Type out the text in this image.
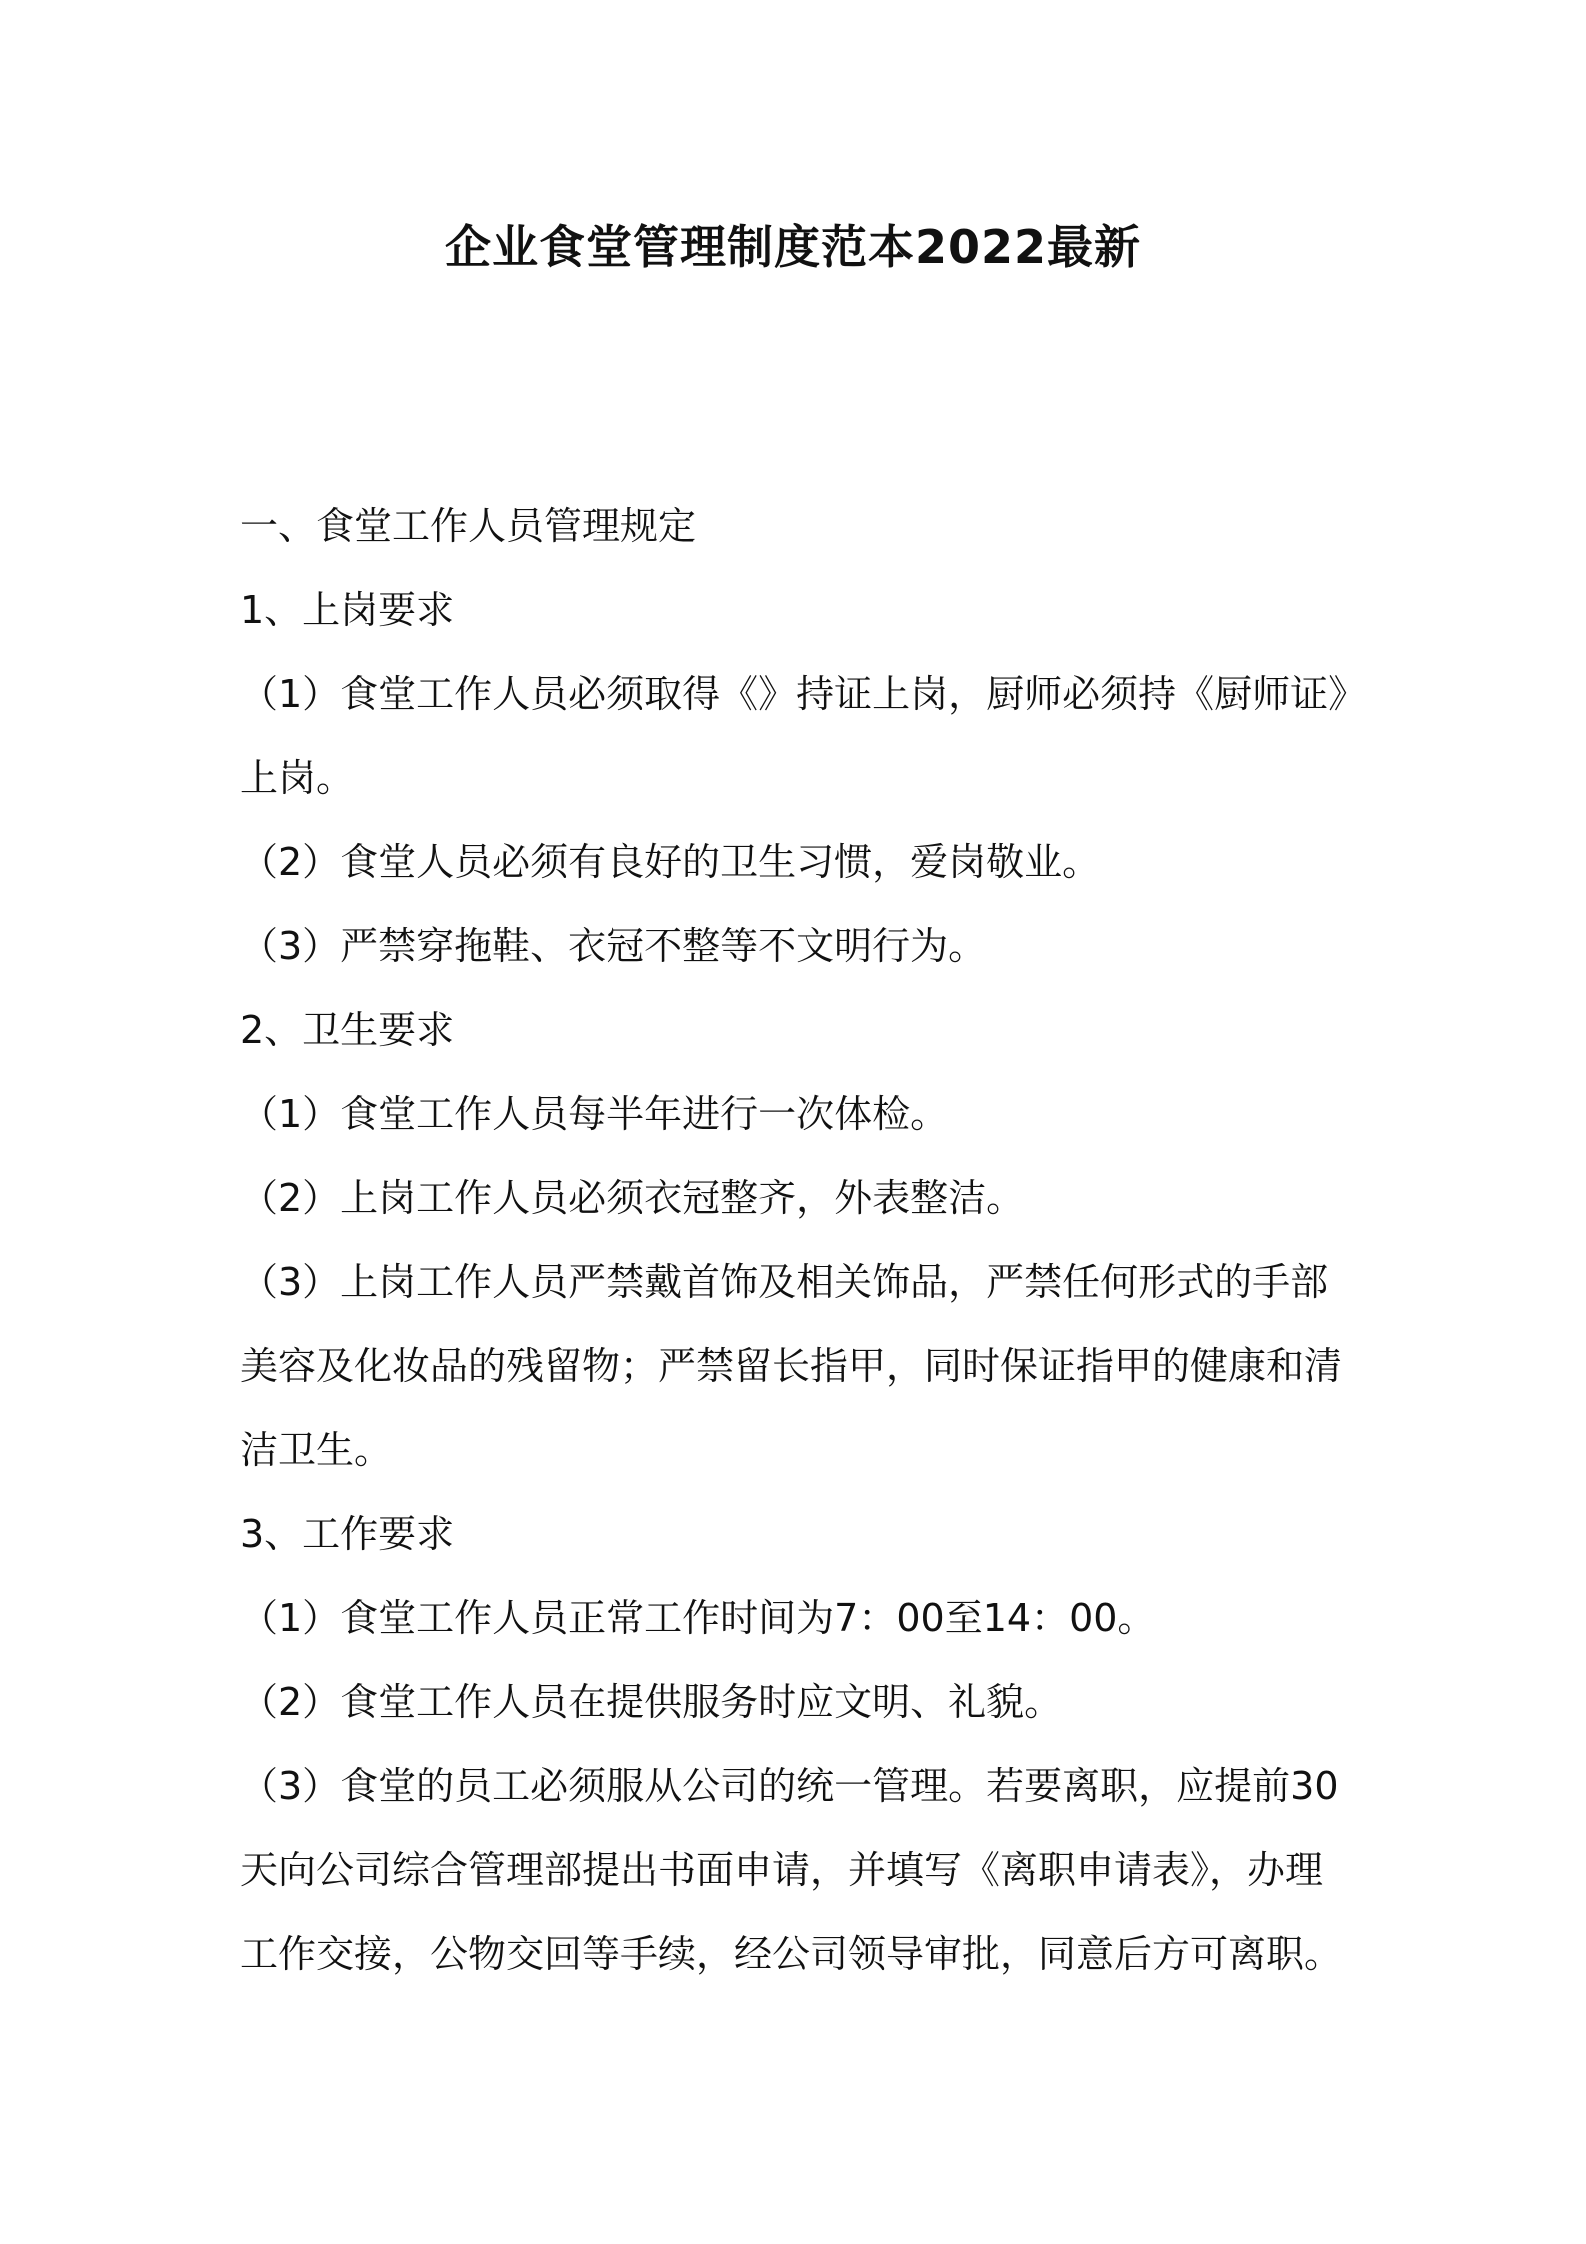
企业食堂管理制度范本2022最新

一、食堂工作人员管理规定

1、上岗要求

（1）食堂工作人员必须取得《》持证上岗，厨师必须持《厨师证》上岗。

（2）食堂人员必须有良好的卫生习惯，爱岗敬业。

（3）严禁穿拖鞋、衣冠不整等不文明行为。

2、卫生要求

（1）食堂工作人员每半年进行一次体检。

（2）上岗工作人员必须衣冠整齐，外表整洁。

（3）上岗工作人员严禁戴首饰及相关饰品，严禁任何形式的手部美容及化妆品的残留物；严禁留长指甲，同时保证指甲的健康和清洁卫生。

3、工作要求

（1）食堂工作人员正常工作时间为7：00至14：00。

（2）食堂工作人员在提供服务时应文明、礼貌。

（3）食堂的员工必须服从公司的统一管理。若要离职，应提前30天向公司综合管理部提出书面申请，并填写《离职申请表》，办理工作交接，公物交回等手续，经公司领导审批，同意后方可离职。
